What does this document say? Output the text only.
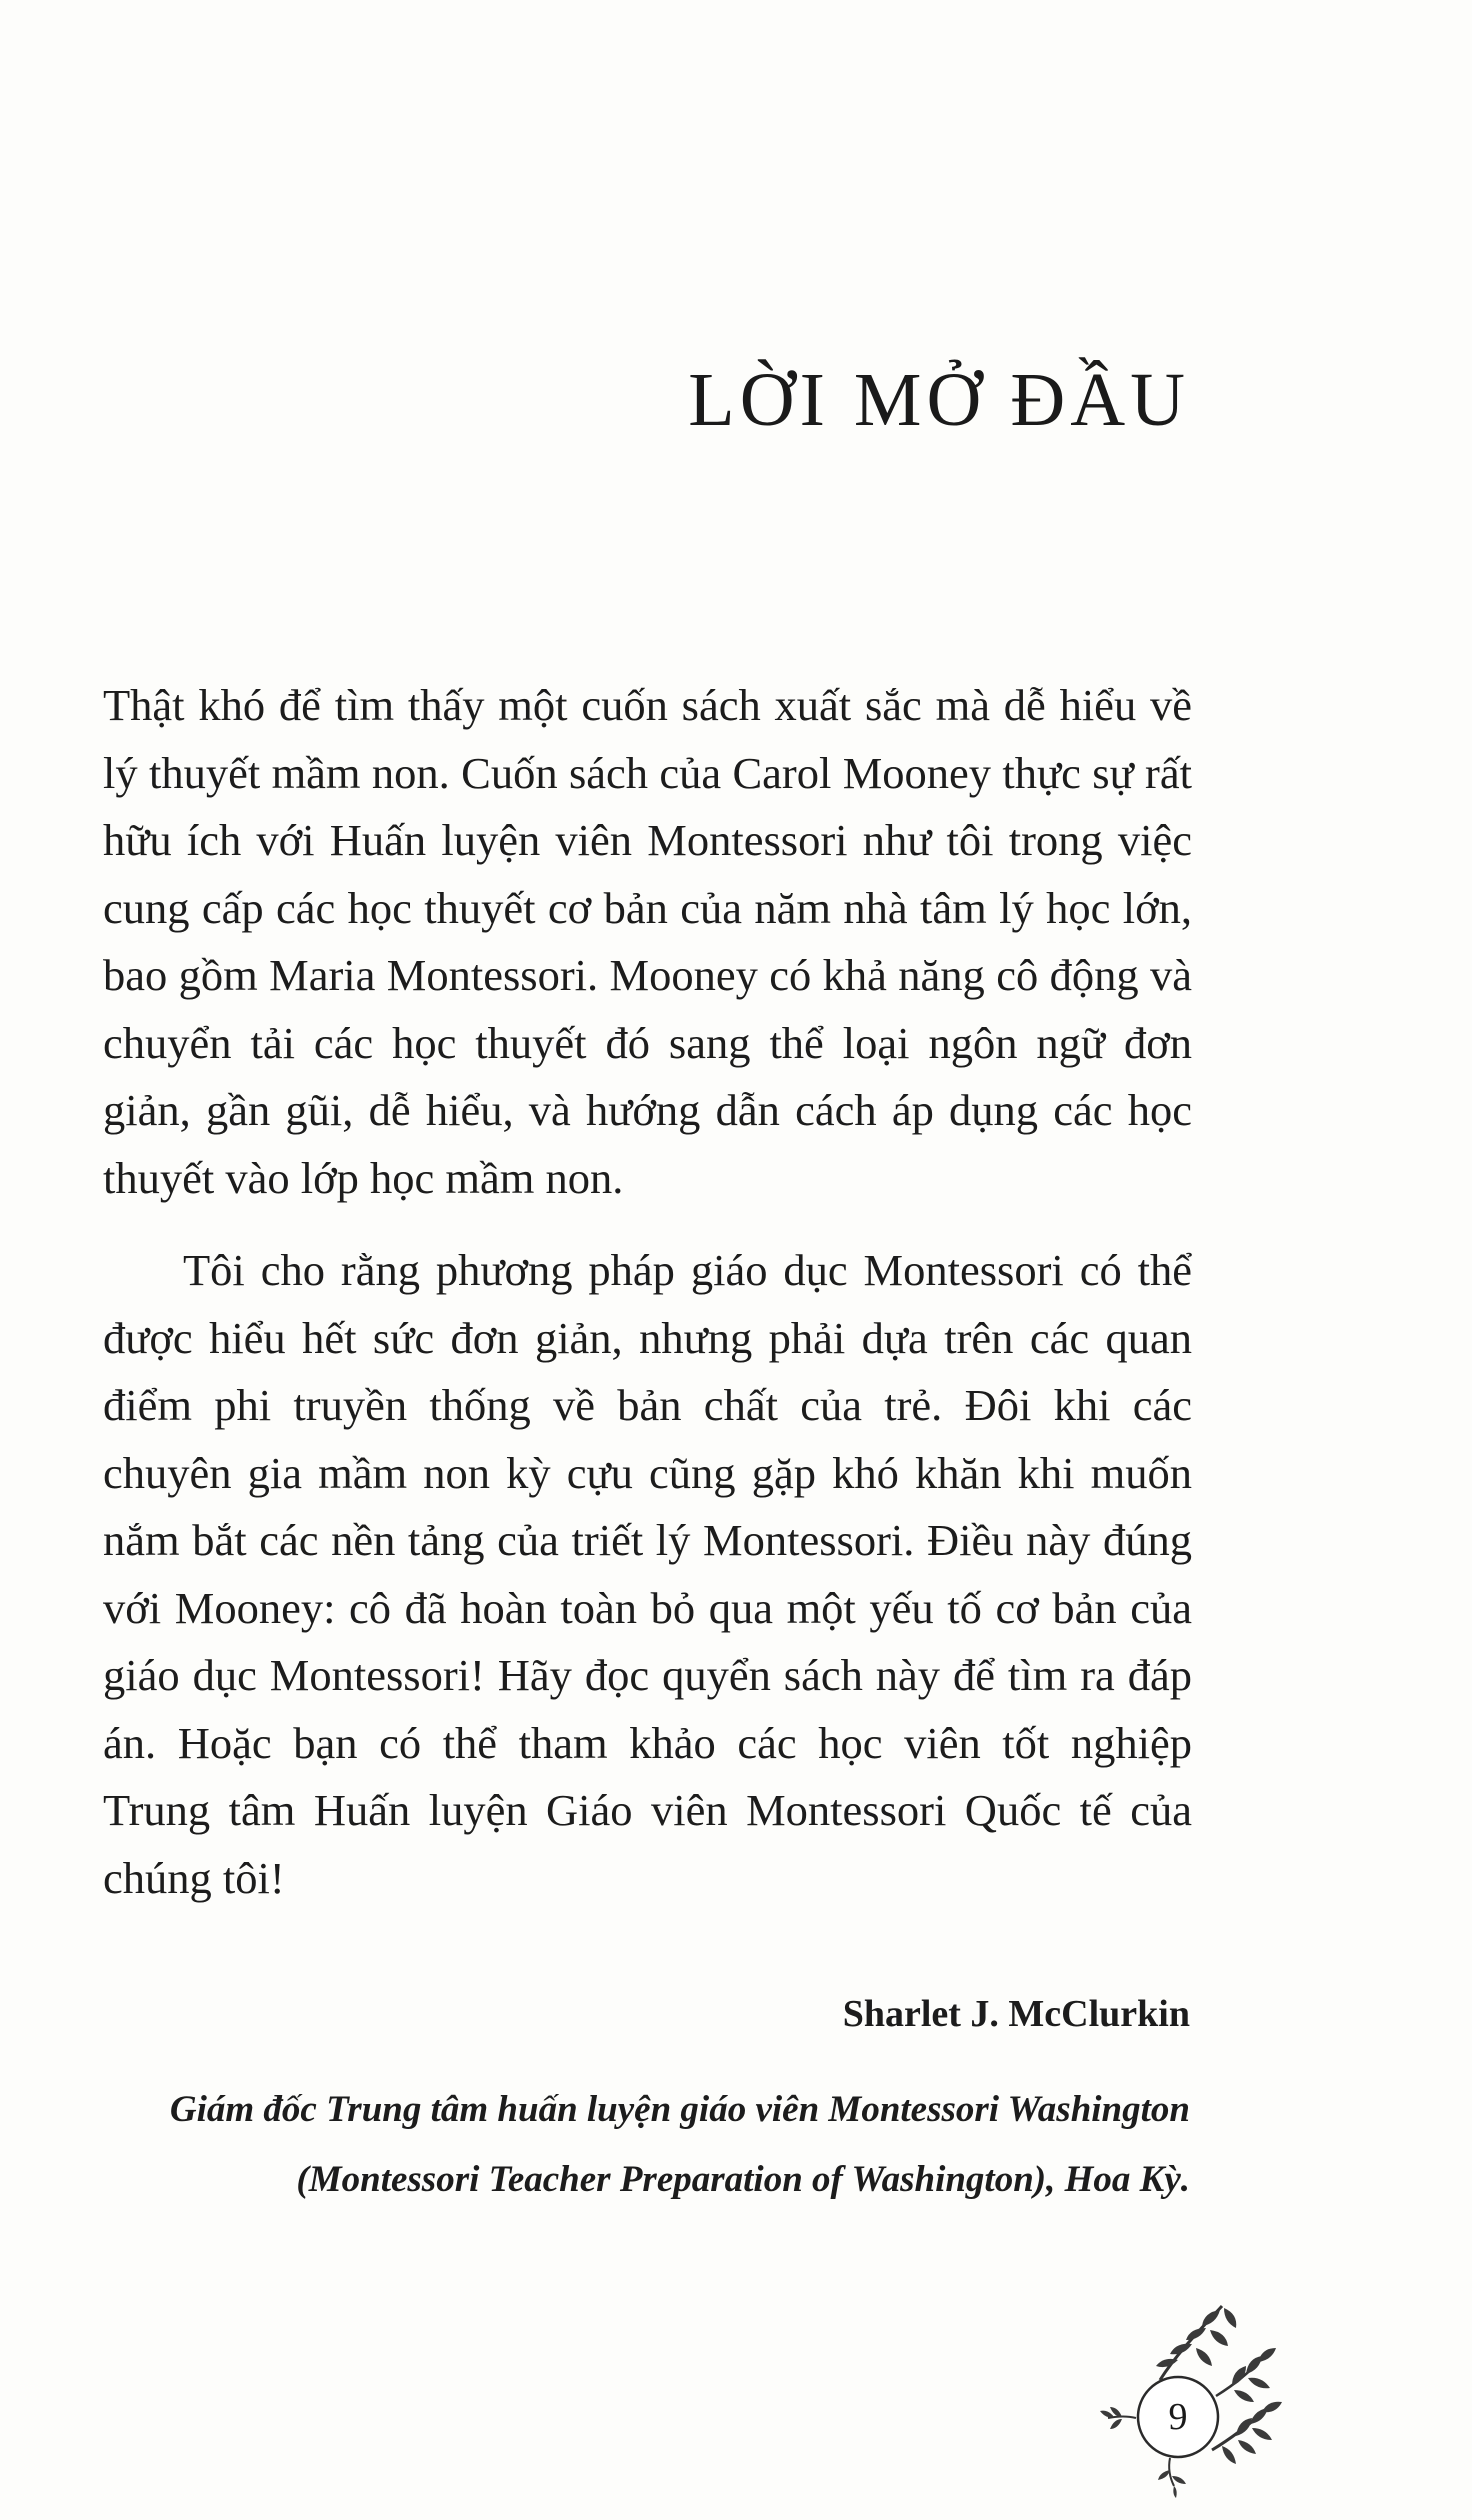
LỜI MỞ ĐẦU

Thật khó để tìm thấy một cuốn sách xuất sắc mà dễ hiểu về lý thuyết mầm non. Cuốn sách của Carol Mooney thực sự rất hữu ích với Huấn luyện viên Montessori như tôi trong việc cung cấp các học thuyết cơ bản của năm nhà tâm lý học lớn, bao gồm Maria Montessori. Mooney có khả năng cô động và chuyển tải các học thuyết đó sang thể loại ngôn ngữ đơn giản, gần gũi, dễ hiểu, và hướng dẫn cách áp dụng các học thuyết vào lớp học mầm non.

Tôi cho rằng phương pháp giáo dục Montessori có thể được hiểu hết sức đơn giản, nhưng phải dựa trên các quan điểm phi truyền thống về bản chất của trẻ. Đôi khi các chuyên gia mầm non kỳ cựu cũng gặp khó khăn khi muốn nắm bắt các nền tảng của triết lý Montessori. Điều này đúng với Mooney: cô đã hoàn toàn bỏ qua một yếu tố cơ bản của giáo dục Montessori! Hãy đọc quyển sách này để tìm ra đáp án. Hoặc bạn có thể tham khảo các học viên tốt nghiệp Trung tâm Huấn luyện Giáo viên Montessori Quốc tế của chúng tôi!

Sharlet J. McClurkin

Giám đốc Trung tâm huấn luyện giáo viên Montessori Washington
(Montessori Teacher Preparation of Washington), Hoa Kỳ.
9
